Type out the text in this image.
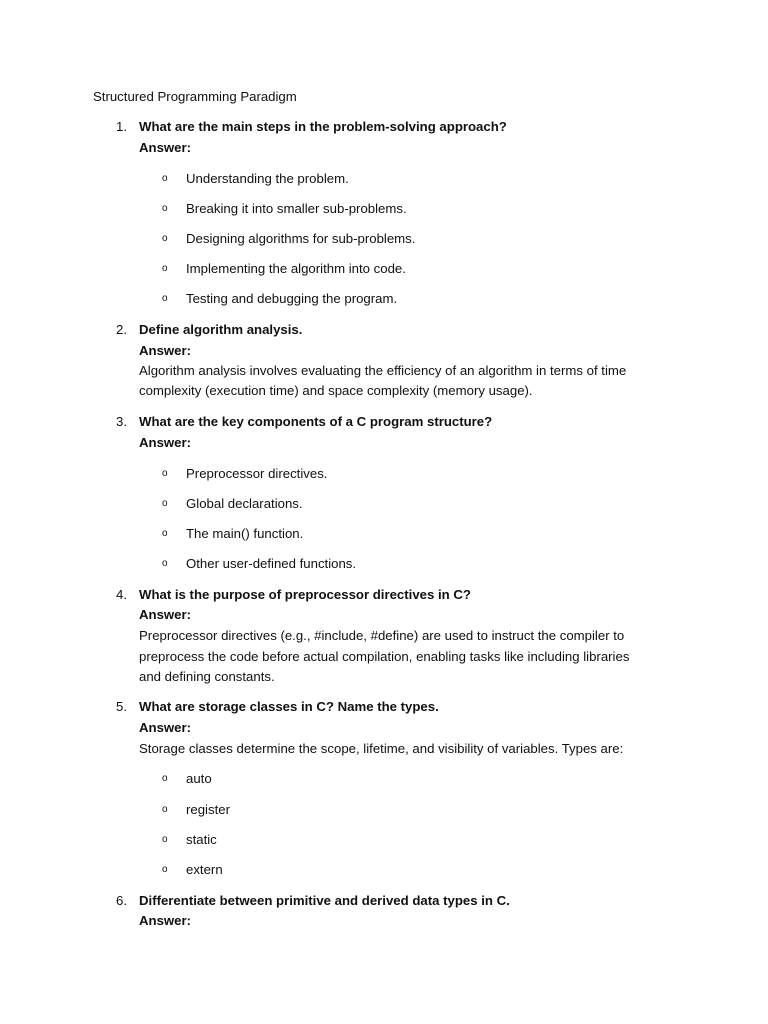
Structured Programming Paradigm
1. What are the main steps in the problem-solving approach?
Answer:
o Understanding the problem.
o Breaking it into smaller sub-problems.
o Designing algorithms for sub-problems.
o Implementing the algorithm into code.
o Testing and debugging the program.
2. Define algorithm analysis.
Answer:
Algorithm analysis involves evaluating the efficiency of an algorithm in terms of time
complexity (execution time) and space complexity (memory usage).
3. What are the key components of a C program structure?
Answer:
o Preprocessor directives.
o Global declarations.
o The main() function.
o Other user-defined functions.
4. What is the purpose of preprocessor directives in C?
Answer:
Preprocessor directives (e.g., #include, #define) are used to instruct the compiler to
preprocess the code before actual compilation, enabling tasks like including libraries
and defining constants.
5. What are storage classes in C? Name the types.
Answer:
Storage classes determine the scope, lifetime, and visibility of variables. Types are:
o auto
o register
o static
o extern
6. Differentiate between primitive and derived data types in C.
Answer:
